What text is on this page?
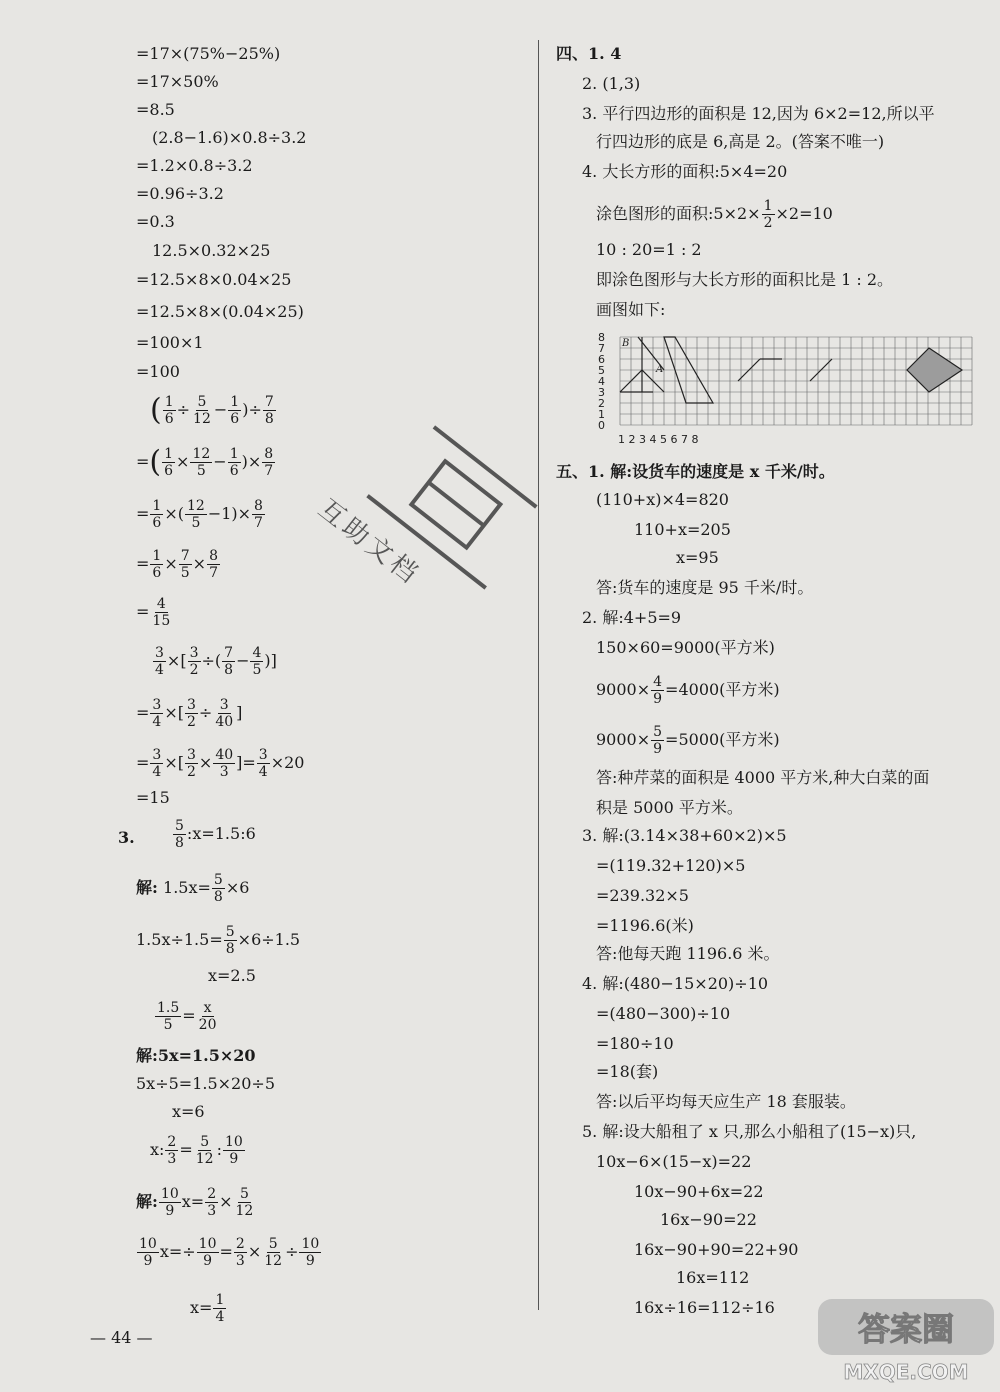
=17×(75%−25%)
=17×50%
=8.5
(2.8−1.6)×0.8÷3.2
=1.2×0.8÷3.2
=0.96÷3.2
=0.3
12.5×0.32×25
=12.5×8×0.04×25
=12.5×8×(0.04×25)
=100×1
=100
( $\frac{1}{6} \div \frac{5}{12} - \frac{1}{6}$ )÷ $\frac{7}{8}$
=( $\frac{1}{6} \times \frac{12}{5} - \frac{1}{6}$ )× $\frac{8}{7}$
= $\frac{1}{6}$ ×( $\frac{12}{5} -1)\times \frac{8}{7}$
= $\frac{1}{6} \times \frac{7}{5} \times \frac{8}{7}$
= $\frac{4}{15}$
$\frac{3}{4}$ ×[ $\frac{3}{2}$ ÷( $\frac{7}{8} - \frac{4}{5}$ )]
= $\frac{3}{4}$ ×[ $\frac{3}{2} \div \frac{3}{40}$ ]
= $\frac{3}{4}$ ×[ $\frac{3}{2} \times \frac{40}{3}$ ]= $\frac{3}{4} \times 20$
=15
3.	$\frac{5}{8}$ :x=1.5:6
解: $1.5x= \frac{5}{8} \times 6$
$1.5x\div 1.5= \frac{5}{8} \times 6\div 1.5$
x=2.5
$\frac{1.5}{5} = \frac{x}{20}$
解:5x=1.5×20
5x÷5=1.5×20÷5
x=6
x: $\frac{2}{3} = \frac{5}{12}$ : $\frac{10}{9}$
解: $\frac{10}{9} x= \frac{2}{3} \times \frac{5}{12}$
$\frac{10}{9} x=\div \frac{10}{9} = \frac{2}{3} \times \frac{5}{12} \div \frac{10}{9}$
$x= \frac{1}{4}$
互助文档
四、1. 4
2. (1,3)
3. 平行四边形的面积是 12,因为 6×2=12,所以平
行四边形的底是 6,高是 2。(答案不唯一)
4. 大长方形的面积:5×4=20
涂色图形的面积:5×2× $\frac{1}{2} \times 2=10$
10 : 20=1 : 2
即涂色图形与大长方形的面积比是 1 : 2。
画图如下:
8
7
6
5
4
3
2
1
0
1 2 3 4 5 6 7 8
B
A
五、1. 解:设货车的速度是 x 千米/时。
(110+x)×4=820
110+x=205
x=95
答:货车的速度是 95 千米/时。
2. 解:4+5=9
150×60=9000(平方米)
$9000\times \frac{4}{9} =4000$(平方米)
$9000\times \frac{5}{9} =5000$(平方米)
答:种芹菜的面积是 4000 平方米,种大白菜的面
积是 5000 平方米。
3. 解:(3.14×38+60×2)×5
=(119.32+120)×5
=239.32×5
=1196.6(米)
答:他每天跑 1196.6 米。
4. 解:(480−15×20)÷10
=(480−300)÷10
=180÷10
=18(套)
答:以后平均每天应生产 18 套服装。
5. 解:设大船租了 x 只,那么小船租了(15−x)只,
10x−6×(15−x)=22
10x−90+6x=22
16x−90=22
16x−90+90=22+90
16x=112
16x÷16=112÷16
— 44 —	答案圈
MXQE.COM
